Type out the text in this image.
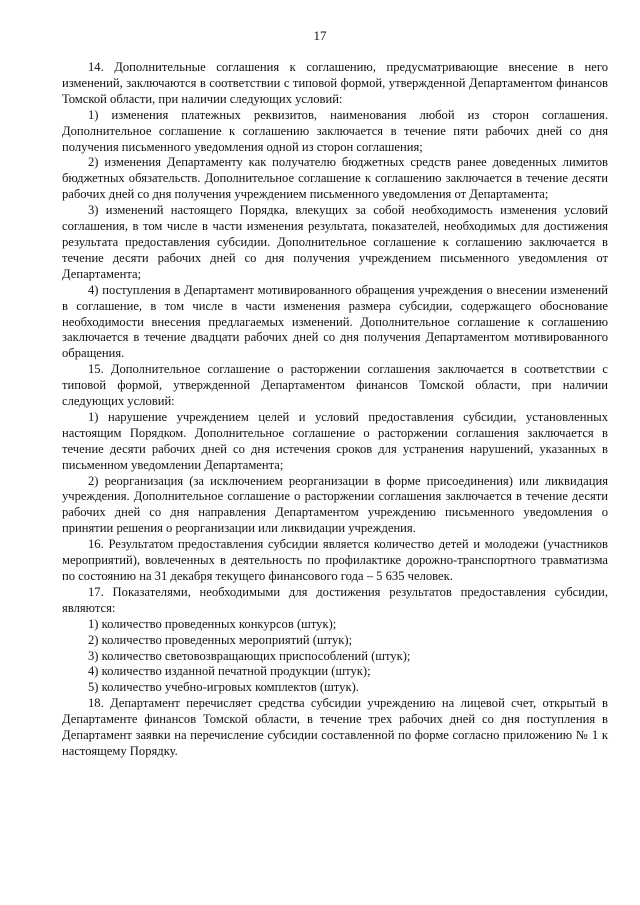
17

14. Дополнительные соглашения к соглашению, предусматривающие внесение в него изменений, заключаются в соответствии с типовой формой, утвержденной Департаментом финансов Томской области, при наличии следующих условий:

1) изменения платежных реквизитов, наименования любой из сторон соглашения. Дополнительное соглашение к соглашению заключается в течение пяти рабочих дней со дня получения письменного уведомления одной из сторон соглашения;

2) изменения Департаменту как получателю бюджетных средств ранее доведенных лимитов бюджетных обязательств. Дополнительное соглашение к соглашению заключается в течение десяти рабочих дней со дня получения учреждением письменного уведомления от Департамента;

3) изменений настоящего Порядка, влекущих за собой необходимость изменения условий соглашения, в том числе в части изменения результата, показателей, необходимых для достижения результата предоставления субсидии. Дополнительное соглашение к соглашению заключается в течение десяти рабочих дней со дня получения учреждением письменного уведомления от Департамента;

4) поступления в Департамент мотивированного обращения учреждения о внесении изменений в соглашение, в том числе в части изменения размера субсидии, содержащего обоснование необходимости внесения предлагаемых изменений. Дополнительное соглашение к соглашению заключается в течение двадцати рабочих дней со дня получения Департаментом мотивированного обращения.

15. Дополнительное соглашение о расторжении соглашения заключается в соответствии с типовой формой, утвержденной Департаментом финансов Томской области, при наличии следующих условий:

1) нарушение учреждением целей и условий предоставления субсидии, установленных настоящим Порядком. Дополнительное соглашение о расторжении соглашения заключается в течение десяти рабочих дней со дня истечения сроков для устранения нарушений, указанных в письменном уведомлении Департамента;

2) реорганизация (за исключением реорганизации в форме присоединения) или ликвидация учреждения. Дополнительное соглашение о расторжении соглашения заключается в течение десяти рабочих дней со дня направления Департаментом учреждению письменного уведомления о принятии решения о реорганизации или ликвидации учреждения.

16. Результатом предоставления субсидии является количество детей и молодежи (участников мероприятий), вовлеченных в деятельность по профилактике дорожно-транспортного травматизма по состоянию на 31 декабря текущего финансового года – 5 635 человек.

17. Показателями, необходимыми для достижения результатов предоставления субсидии, являются:

1) количество проведенных конкурсов (штук);

2) количество проведенных мероприятий (штук);

3) количество световозвращающих приспособлений (штук);

4) количество изданной печатной продукции (штук);

5) количество учебно-игровых комплектов (штук).

18. Департамент перечисляет средства субсидии учреждению на лицевой счет, открытый в Департаменте финансов Томской области, в течение трех рабочих дней со дня поступления в Департамент заявки на перечисление субсидии составленной по форме согласно приложению № 1 к настоящему Порядку.
